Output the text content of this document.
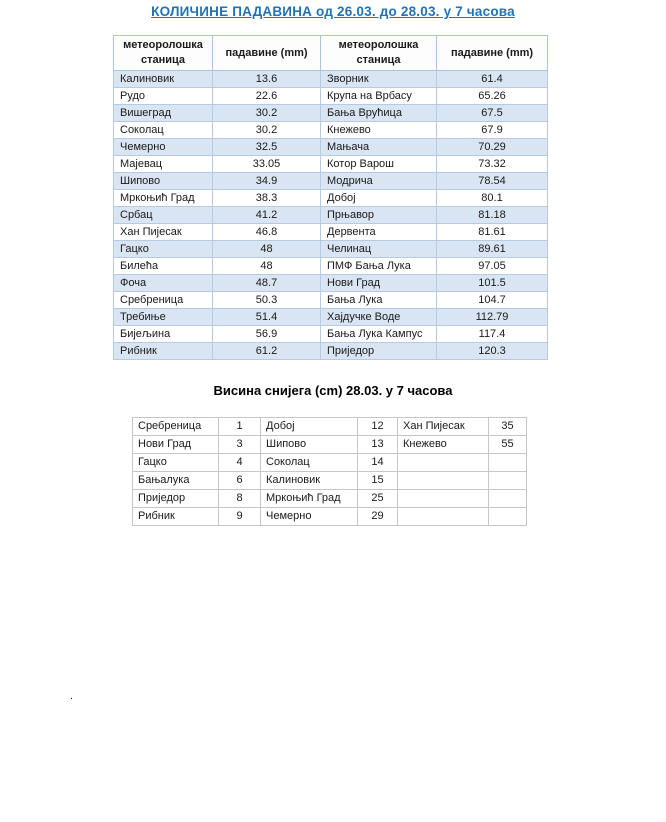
КОЛИЧИНЕ ПАДАВИНА од 26.03. до 28.03. у 7 часова
метеоролошка станица	падавине (mm)	метеоролошка станица	падавине (mm)
Калиновик	13.6	Зворник	61.4
Рудо	22.6	Крупа на Врбасу	65.26
Вишеград	30.2	Бања Врућица	67.5
Соколац	30.2	Кнежево	67.9
Чемерно	32.5	Мањача	70.29
Мајевац	33.05	Котор Варош	73.32
Шипово	34.9	Модрича	78.54
Мркоњић Град	38.3	Добој	80.1
Србац	41.2	Прњавор	81.18
Хан Пијесак	46.8	Дервента	81.61
Гацко	48	Челинац	89.61
Билећа	48	ПМФ Бања Лука	97.05
Фоча	48.7	Нови Град	101.5
Сребреница	50.3	Бања Лука	104.7
Требиње	51.4	Хајдучке Воде	112.79
Бијељина	56.9	Бања Лука Кампус	117.4
Рибник	61.2	Приједор	120.3
Висина снијега (cm) 28.03. у 7 часова
Сребреница	1	Добој	12	Хан Пијесак	35
Нови Град	3	Шипово	13	Кнежево	55
Гацко	4	Соколац	14		
Бањалука	6	Калиновик	15		
Приједор	8	Мркоњић Град	25		
Рибник	9	Чемерно	29		
.
